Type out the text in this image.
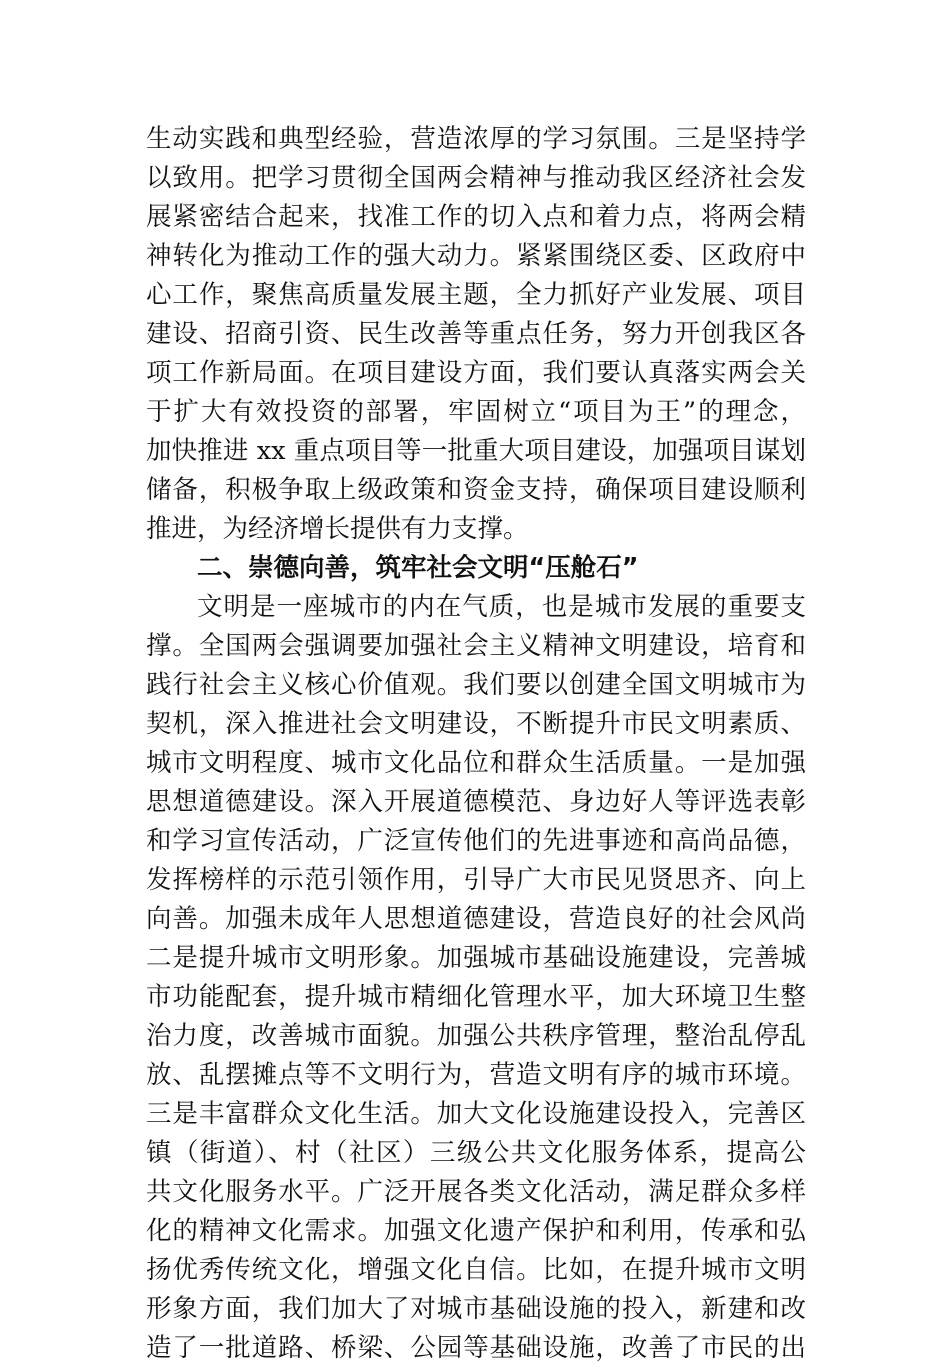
生动实践和典型经验，营造浓厚的学习氛围。三是坚持学
以致用。把学习贯彻全国两会精神与推动我区经济社会发
展紧密结合起来，找准工作的切入点和着力点，将两会精
神转化为推动工作的强大动力。紧紧围绕区委、区政府中
心工作，聚焦高质量发展主题，全力抓好产业发展、项目
建设、招商引资、民生改善等重点任务，努力开创我区各
项工作新局面。在项目建设方面，我们要认真落实两会关
于扩大有效投资的部署，牢固树立“项目为王”的理念，
加快推进 xx 重点项目等一批重大项目建设，加强项目谋划
储备，积极争取上级政策和资金支持，确保项目建设顺利
推进，为经济增长提供有力支撑。
二、崇德向善，筑牢社会文明“压舱石”
文明是一座城市的内在气质，也是城市发展的重要支
撑。全国两会强调要加强社会主义精神文明建设，培育和
践行社会主义核心价值观。我们要以创建全国文明城市为
契机，深入推进社会文明建设，不断提升市民文明素质、
城市文明程度、城市文化品位和群众生活质量。一是加强
思想道德建设。深入开展道德模范、身边好人等评选表彰
和学习宣传活动，广泛宣传他们的先进事迹和高尚品德，
发挥榜样的示范引领作用，引导广大市民见贤思齐、向上
向善。加强未成年人思想道德建设，营造良好的社会风尚
二是提升城市文明形象。加强城市基础设施建设，完善城
市功能配套，提升城市精细化管理水平，加大环境卫生整
治力度，改善城市面貌。加强公共秩序管理，整治乱停乱
放、乱摆摊点等不文明行为，营造文明有序的城市环境。
三是丰富群众文化生活。加大文化设施建设投入，完善区
镇（街道）、村（社区）三级公共文化服务体系，提高公
共文化服务水平。广泛开展各类文化活动，满足群众多样
化的精神文化需求。加强文化遗产保护和利用，传承和弘
扬优秀传统文化，增强文化自信。比如，在提升城市文明
形象方面，我们加大了对城市基础设施的投入，新建和改
造了一批道路、桥梁、公园等基础设施，改善了市民的出
